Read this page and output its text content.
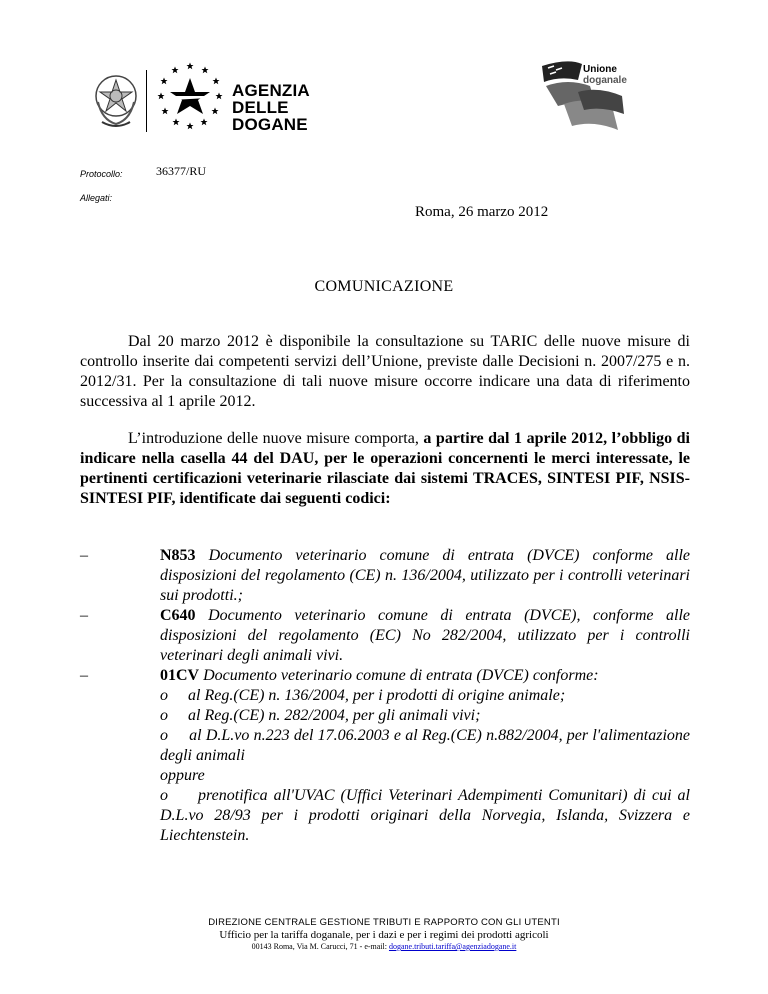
AGENZIA
DELLE
DOGANE
Unione
doganale
Protocollo:	36377/RU
Allegati:
Roma, 26 marzo 2012
COMUNICAZIONE
Dal 20 marzo 2012 è disponibile la consultazione su TARIC delle nuove misure di controllo inserite dai competenti servizi dell’Unione, previste dalle Decisioni n. 2007/275 e n. 2012/31. Per la consultazione di tali nuove misure occorre indicare una data di riferimento successiva al 1 aprile 2012.
L’introduzione delle nuove misure comporta, a partire dal 1 aprile 2012, l’obbligo di indicare nella casella 44 del DAU, per le operazioni concernenti le merci interessate, le pertinenti certificazioni veterinarie rilasciate dai sistemi TRACES, SINTESI PIF, NSIS-SINTESI PIF, identificate dai seguenti codici:
–	N853 Documento veterinario comune di entrata (DVCE) conforme alle disposizioni del regolamento (CE) n. 136/2004, utilizzato per i controlli veterinari sui prodotti.;
–	C640 Documento veterinario comune di entrata (DVCE), conforme alle disposizioni del regolamento (EC) No 282/2004, utilizzato per i controlli veterinari degli animali vivi.
–	01CV Documento veterinario comune di entrata (DVCE) conforme:
o al Reg.(CE) n. 136/2004, per i prodotti di origine animale;
o al Reg.(CE) n. 282/2004, per gli animali vivi;
o al D.L.vo n.223 del 17.06.2003 e al Reg.(CE) n.882/2004, per l'alimentazione degli animali
oppure
o prenotifica all'UVAC (Uffici Veterinari Adempimenti Comunitari) di cui al D.L.vo 28/93 per i prodotti originari della Norvegia, Islanda, Svizzera e Liechtenstein.
DIREZIONE CENTRALE GESTIONE TRIBUTI E RAPPORTO CON GLI UTENTI
Ufficio per la tariffa doganale, per i dazi e per i regimi dei prodotti agricoli
00143 Roma, Via M. Carucci, 71 - e-mail: dogane.tributi.tariffa@agenziadogane.it
